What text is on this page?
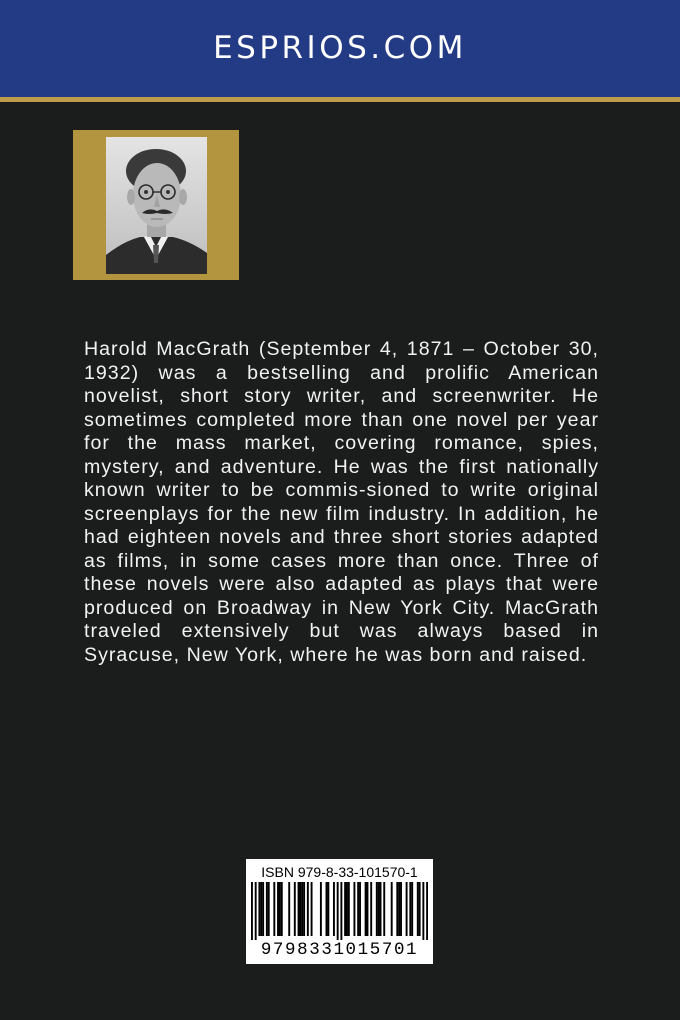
ESPRIOS.COM

Harold MacGrath (September 4, 1871 – October 30, 1932) was a bestselling and prolific American novelist, short story writer, and screenwriter. He sometimes completed more than one novel per year for the mass market, covering romance, spies, mystery, and adventure. He was the first nationally known writer to be commis-sioned to write original screenplays for the new film industry. In addition, he had eighteen novels and three short stories adapted as films, in some cases more than once. Three of these novels were also adapted as plays that were produced on Broadway in New York City. MacGrath traveled extensively but was always based in Syracuse, New York, where he was born and raised.

ISBN 979-8-33-101570-1
9798331015701
